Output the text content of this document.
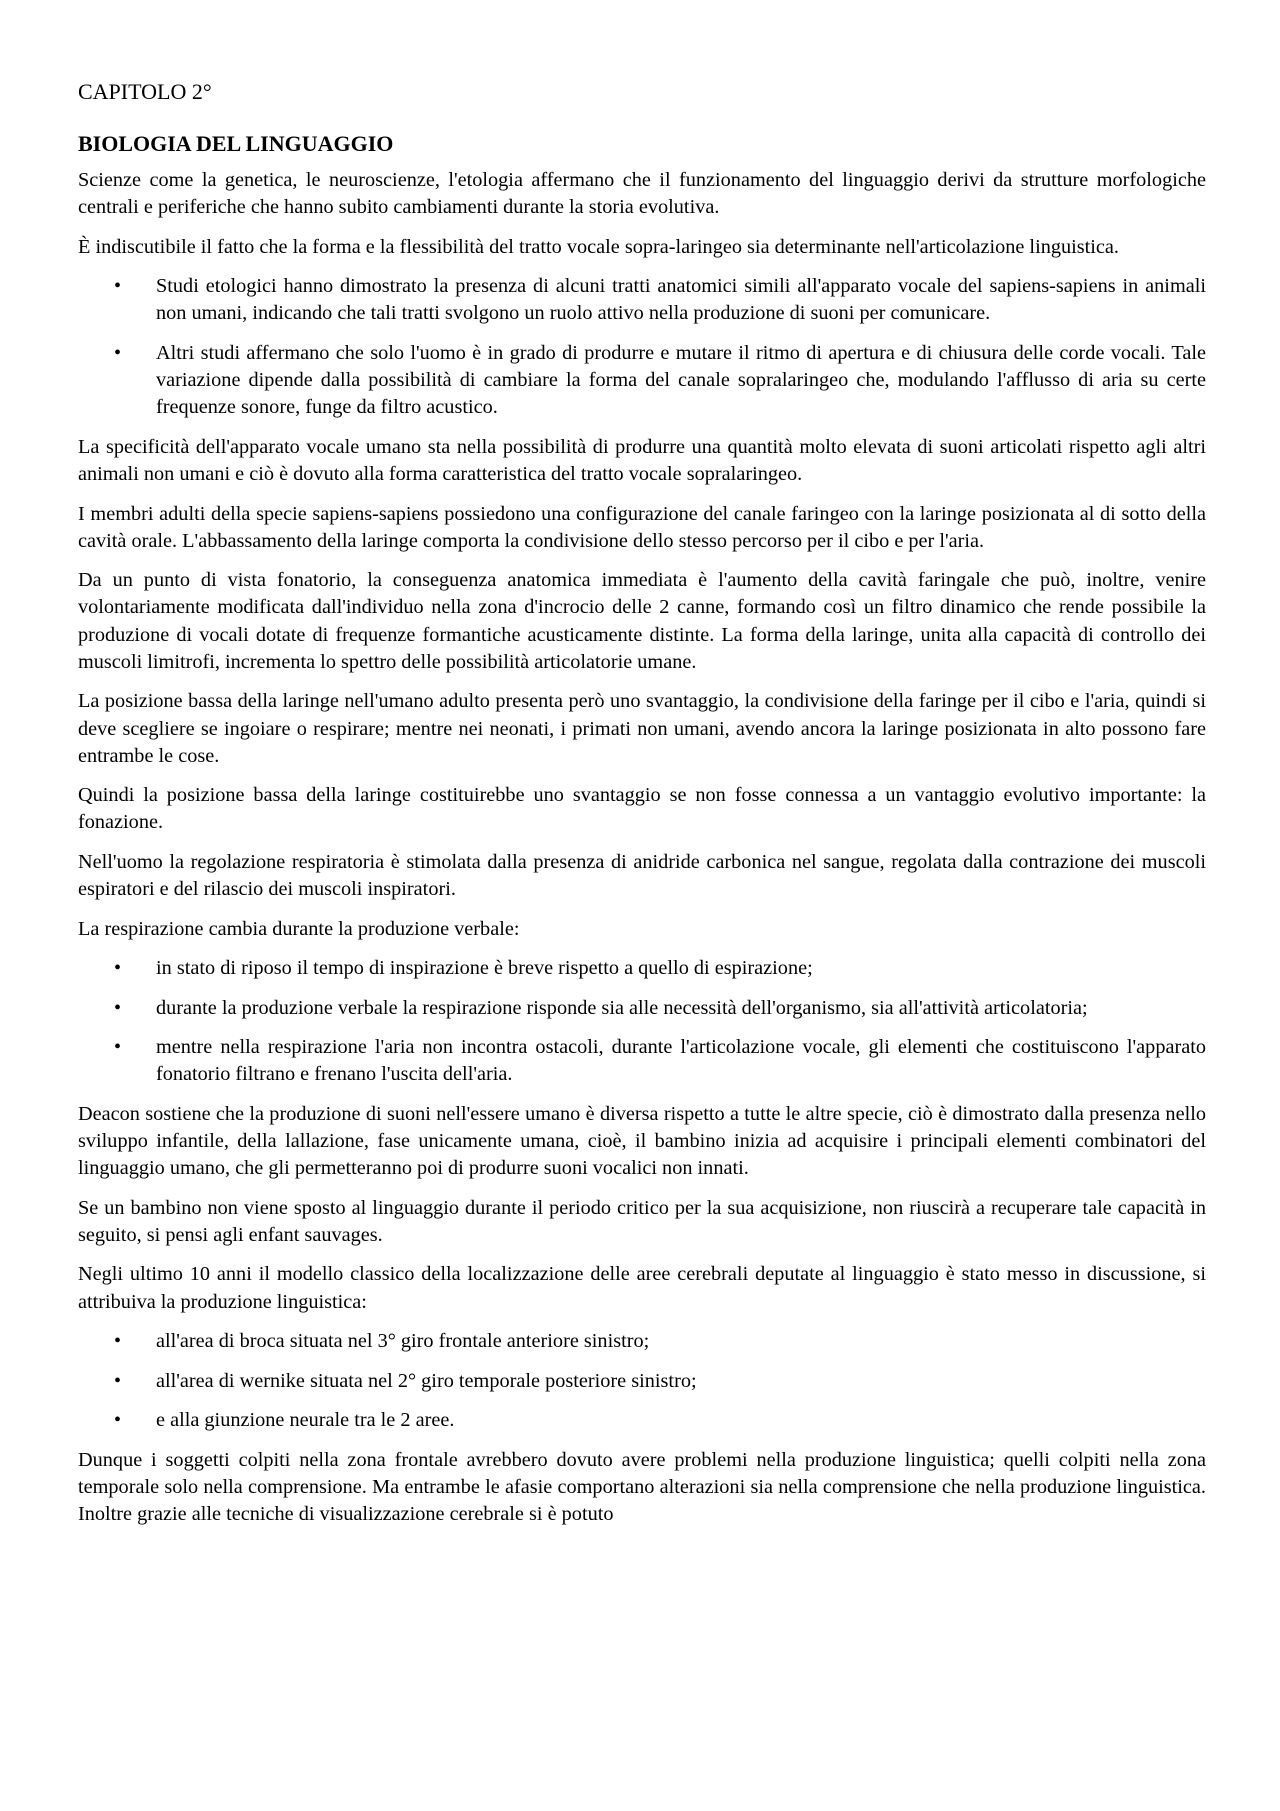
CAPITOLO 2°
BIOLOGIA DEL LINGUAGGIO

Scienze come la genetica, le neuroscienze, l'etologia affermano che il funzionamento del linguaggio derivi da strutture morfologiche centrali e periferiche che hanno subito cambiamenti durante la storia evolutiva.

È indiscutibile il fatto che la forma e la flessibilità del tratto vocale sopra-laringeo sia determinante nell'articolazione linguistica.

• Studi etologici hanno dimostrato la presenza di alcuni tratti anatomici simili all'apparato vocale del sapiens-sapiens in animali non umani, indicando che tali tratti svolgono un ruolo attivo nella produzione di suoni per comunicare.
• Altri studi affermano che solo l'uomo è in grado di produrre e mutare il ritmo di apertura e di chiusura delle corde vocali. Tale variazione dipende dalla possibilità di cambiare la forma del canale sopralaringeo che, modulando l'afflusso di aria su certe frequenze sonore, funge da filtro acustico.

La specificità dell'apparato vocale umano sta nella possibilità di produrre una quantità molto elevata di suoni articolati rispetto agli altri animali non umani e ciò è dovuto alla forma caratteristica del tratto vocale sopralaringeo.

I membri adulti della specie sapiens-sapiens possiedono una configurazione del canale faringeo con la laringe posizionata al di sotto della cavità orale. L'abbassamento della laringe comporta la condivisione dello stesso percorso per il cibo e per l'aria.

Da un punto di vista fonatorio, la conseguenza anatomica immediata è l'aumento della cavità faringale che può, inoltre, venire volontariamente modificata dall'individuo nella zona d'incrocio delle 2 canne, formando così un filtro dinamico che rende possibile la produzione di vocali dotate di frequenze formantiche acusticamente distinte. La forma della laringe, unita alla capacità di controllo dei muscoli limitrofi, incrementa lo spettro delle possibilità articolatorie umane.

La posizione bassa della laringe nell'umano adulto presenta però uno svantaggio, la condivisione della faringe per il cibo e l'aria, quindi si deve scegliere se ingoiare o respirare; mentre nei neonati, i primati non umani, avendo ancora la laringe posizionata in alto possono fare entrambe le cose.

Quindi la posizione bassa della laringe costituirebbe uno svantaggio se non fosse connessa a un vantaggio evolutivo importante: la fonazione.

Nell'uomo la regolazione respiratoria è stimolata dalla presenza di anidride carbonica nel sangue, regolata dalla contrazione dei muscoli espiratori e del rilascio dei muscoli inspiratori.

La respirazione cambia durante la produzione verbale:

• in stato di riposo il tempo di inspirazione è breve rispetto a quello di espirazione;
• durante la produzione verbale la respirazione risponde sia alle necessità dell'organismo, sia all'attività articolatoria;
• mentre nella respirazione l'aria non incontra ostacoli, durante l'articolazione vocale, gli elementi che costituiscono l'apparato fonatorio filtrano e frenano l'uscita dell'aria.

Deacon sostiene che la produzione di suoni nell'essere umano è diversa rispetto a tutte le altre specie, ciò è dimostrato dalla presenza nello sviluppo infantile, della lallazione, fase unicamente umana, cioè, il bambino inizia ad acquisire i principali elementi combinatori del linguaggio umano, che gli permetteranno poi di produrre suoni vocalici non innati.

Se un bambino non viene sposto al linguaggio durante il periodo critico per la sua acquisizione, non riuscirà a recuperare tale capacità in seguito, si pensi agli enfant sauvages.

Negli ultimo 10 anni il modello classico della localizzazione delle aree cerebrali deputate al linguaggio è stato messo in discussione, si attribuiva la produzione linguistica:

• all'area di broca situata nel 3° giro frontale anteriore sinistro;
• all'area di wernike situata nel 2° giro temporale posteriore sinistro;
• e alla giunzione neurale tra le 2 aree.

Dunque i soggetti colpiti nella zona frontale avrebbero dovuto avere problemi nella produzione linguistica; quelli colpiti nella zona temporale solo nella comprensione. Ma entrambe le afasie comportano alterazioni sia nella comprensione che nella produzione linguistica. Inoltre grazie alle tecniche di visualizzazione cerebrale si è potuto
